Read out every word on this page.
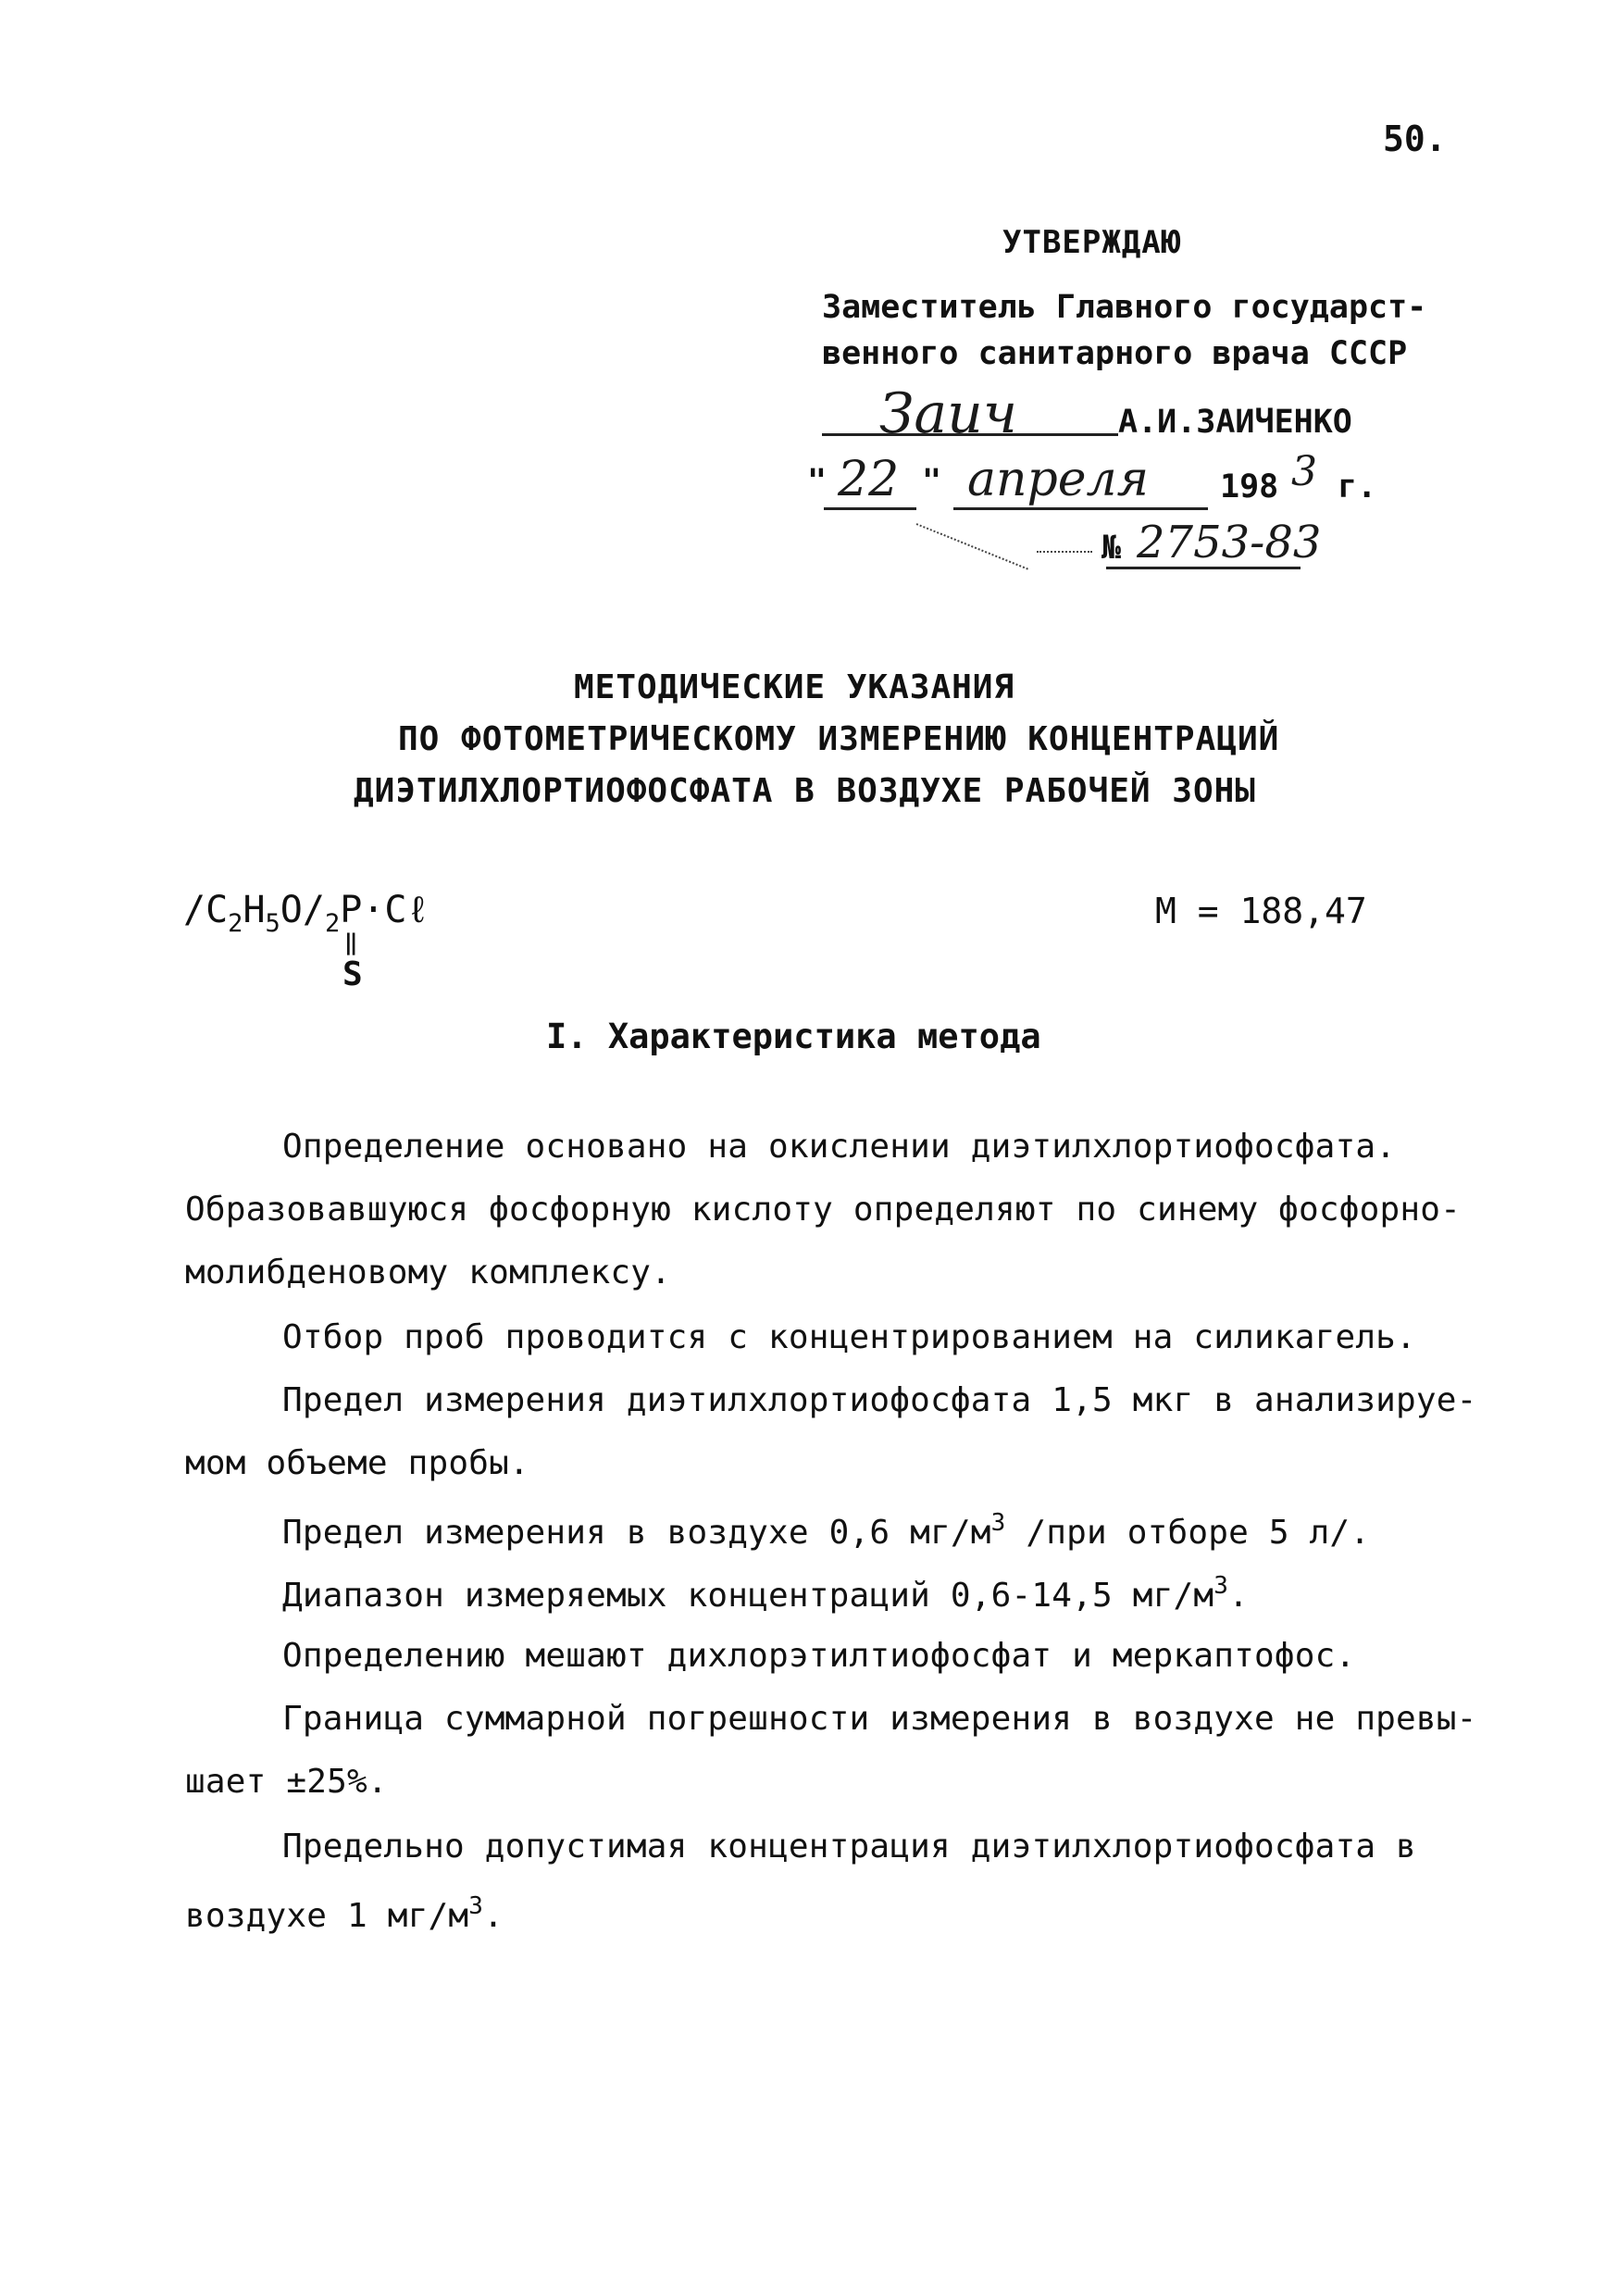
50.
УТВЕРЖДАЮ
Заместитель Главного государст-
венного санитарного врача СССР
Заич	А.И.ЗАИЧЕНКО
" 22 " апреля 198 3 г.
№ 2753-83
МЕТОДИЧЕСКИЕ УКАЗАНИЯ
ПО ФОТОМЕТРИЧЕСКОМУ ИЗМЕРЕНИЮ КОНЦЕНТРАЦИЙ
ДИЭТИЛХЛОРТИОФОСФАТА В ВОЗДУХЕ РАБОЧЕЙ ЗОНЫ
$/C_2H_5O/_2P\cdot C\ell$
‖
S
М = 188,47
I. Характеристика метода
Определение основано на окислении диэтилхлортиофосфата.
Образовавшуюся фосфорную кислоту определяют по синему фосфорно-
молибденовому комплексу.
Отбор проб проводится с концентрированием на силикагель.
Предел измерения диэтилхлортиофосфата 1,5 мкг в анализируе-
мом объеме пробы.
Предел измерения в воздухе 0,6 $мг/м^3$ /при отборе 5 л/.
Диапазон измеряемых концентраций 0,6-14,5 $мг/м^3$.
Определению мешают дихлорэтилтиофосфат и меркаптофос.
Граница суммарной погрешности измерения в воздухе не превы-
шает ±25%.
Предельно допустимая концентрация диэтилхлортиофосфата в
воздухе 1 $мг/м^3$.
